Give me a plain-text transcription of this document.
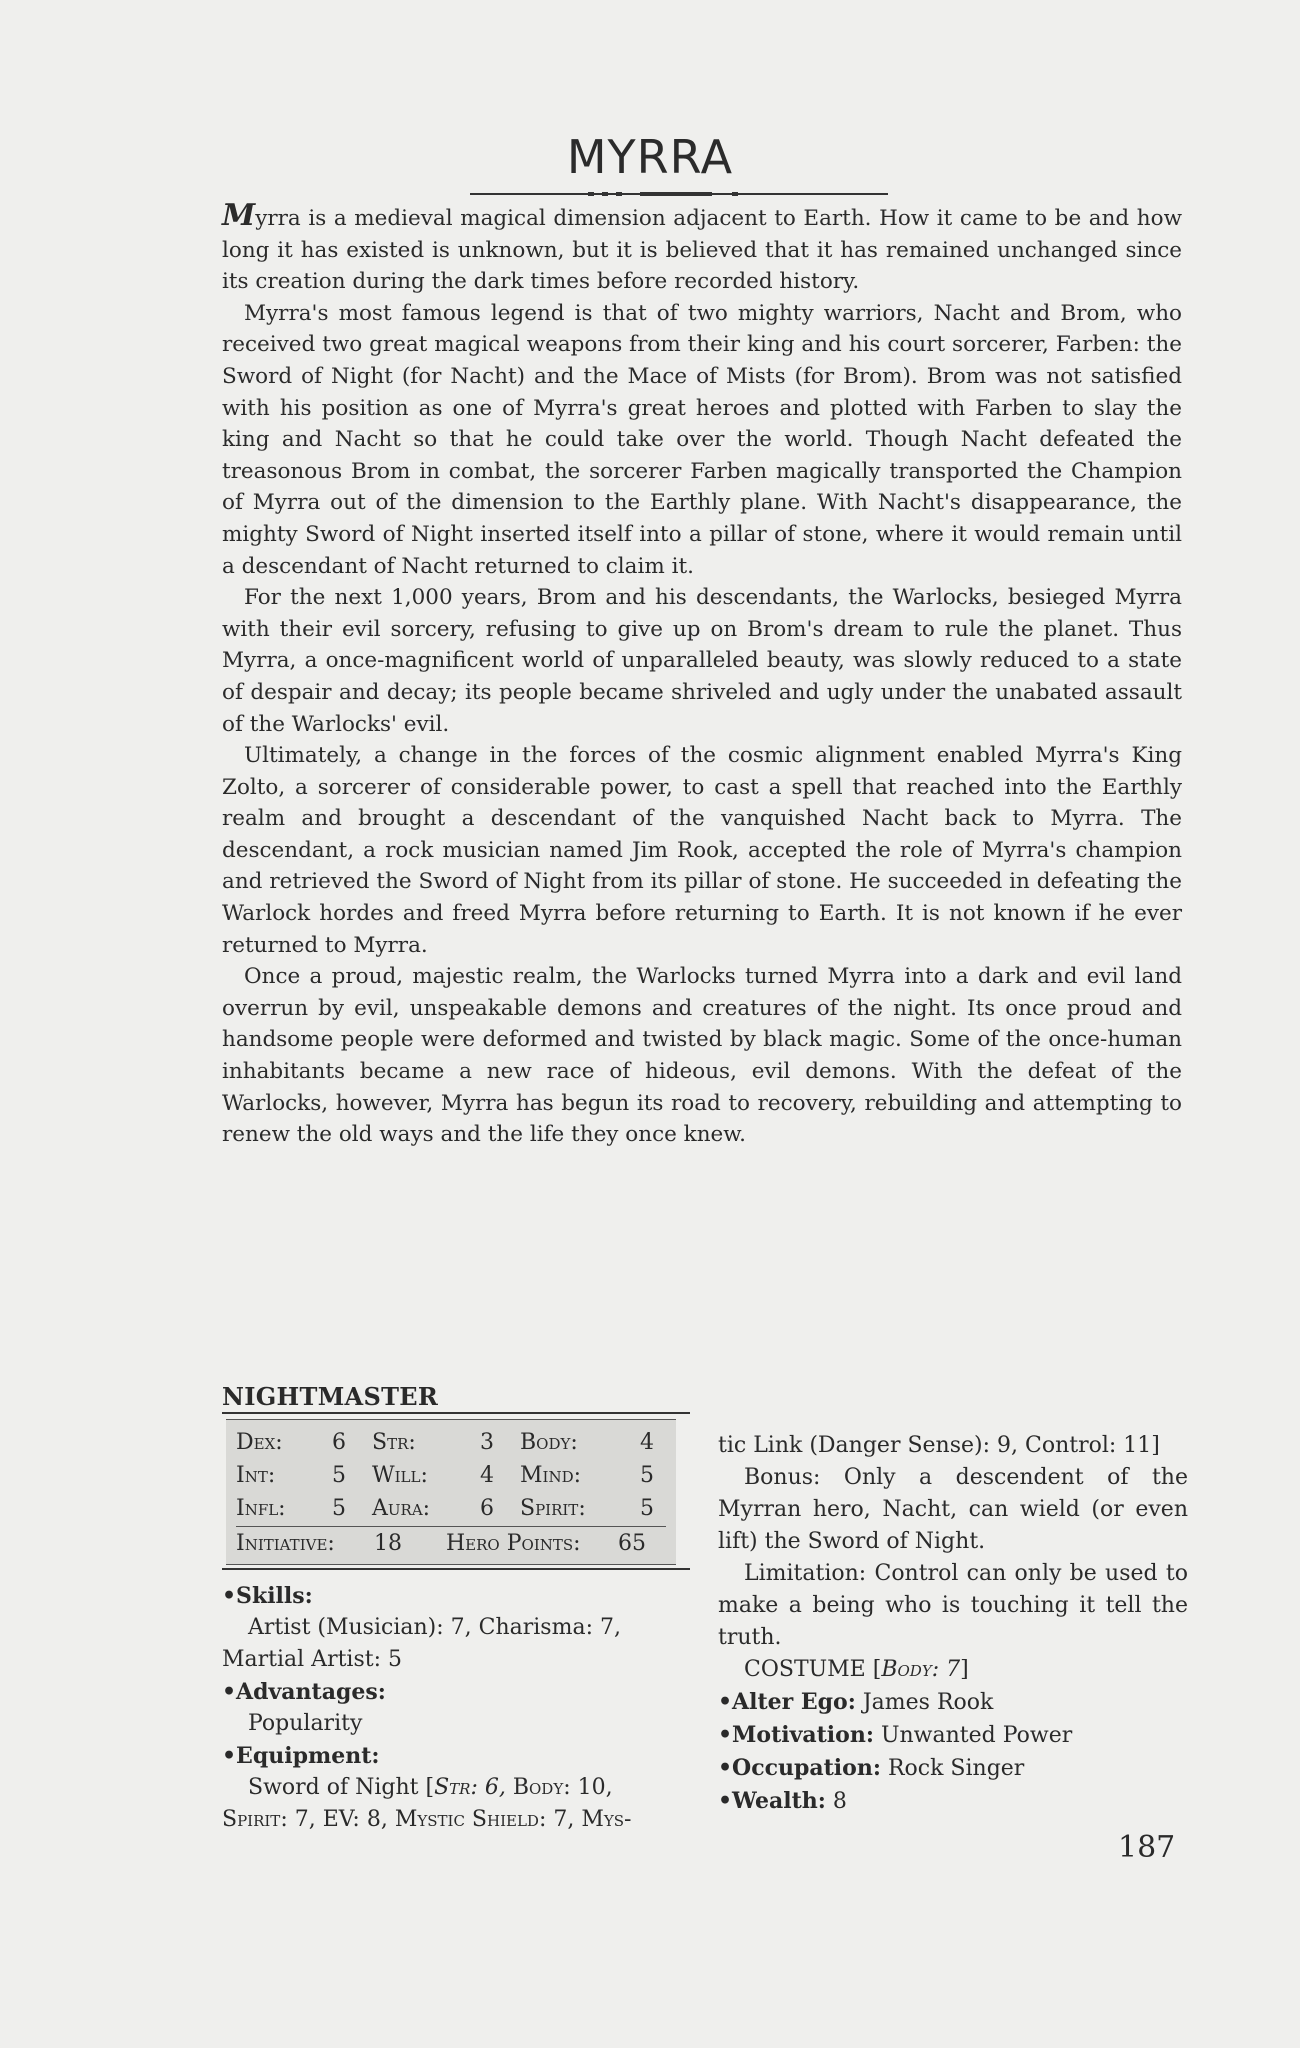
MYRRA

Myrra is a medieval magical dimension adjacent to Earth. How it came to be and how long it has existed is unknown, but it is believed that it has remained unchanged since its creation during the dark times before recorded history.

Myrra's most famous legend is that of two mighty warriors, Nacht and Brom, who received two great magical weapons from their king and his court sorcerer, Farben: the Sword of Night (for Nacht) and the Mace of Mists (for Brom). Brom was not satisfied with his position as one of Myrra's great heroes and plotted with Farben to slay the king and Nacht so that he could take over the world. Though Nacht defeated the treasonous Brom in combat, the sorcerer Farben magically transported the Champion of Myrra out of the dimension to the Earthly plane. With Nacht's disappearance, the mighty Sword of Night inserted itself into a pillar of stone, where it would remain until a descendant of Nacht returned to claim it.

For the next 1,000 years, Brom and his descendants, the Warlocks, besieged Myrra with their evil sorcery, refusing to give up on Brom's dream to rule the planet. Thus Myrra, a once-magnificent world of unparalleled beauty, was slowly reduced to a state of despair and decay; its people became shriveled and ugly under the unabated assault of the Warlocks' evil.

Ultimately, a change in the forces of the cosmic alignment enabled Myrra's King Zolto, a sorcerer of considerable power, to cast a spell that reached into the Earthly realm and brought a descendant of the vanquished Nacht back to Myrra. The descendant, a rock musician named Jim Rook, accepted the role of Myrra's champion and retrieved the Sword of Night from its pillar of stone. He succeeded in defeating the Warlock hordes and freed Myrra before returning to Earth. It is not known if he ever returned to Myrra.

Once a proud, majestic realm, the Warlocks turned Myrra into a dark and evil land overrun by evil, unspeakable demons and creatures of the night. Its once proud and handsome people were deformed and twisted by black magic. Some of the once-human inhabitants became a new race of hideous, evil demons. With the defeat of the Warlocks, however, Myrra has begun its road to recovery, rebuilding and attempting to renew the old ways and the life they once knew.

NIGHTMASTER
Dex:	6	Str:	3	Body:	4
Int:	5	Will:	4	Mind:	5
Infl:	5	Aura:	6	Spirit:	5
Initiative:	18	Hero Points:	65
•Skills:
Artist (Musician): 7, Charisma: 7,
Martial Artist: 5
•Advantages:
Popularity
•Equipment:
Sword of Night [Str: 6, Body: 10,
Spirit: 7, EV: 8, Mystic Shield: 7, Mys-

tic Link (Danger Sense): 9, Control: 11]

Bonus: Only a descendent of the Myrran hero, Nacht, can wield (or even lift) the Sword of Night.

Limitation: Control can only be used to make a being who is touching it tell the truth.

COSTUME [Body: 7]

•Alter Ego: James Rook

•Motivation: Unwanted Power

•Occupation: Rock Singer

•Wealth: 8

187
